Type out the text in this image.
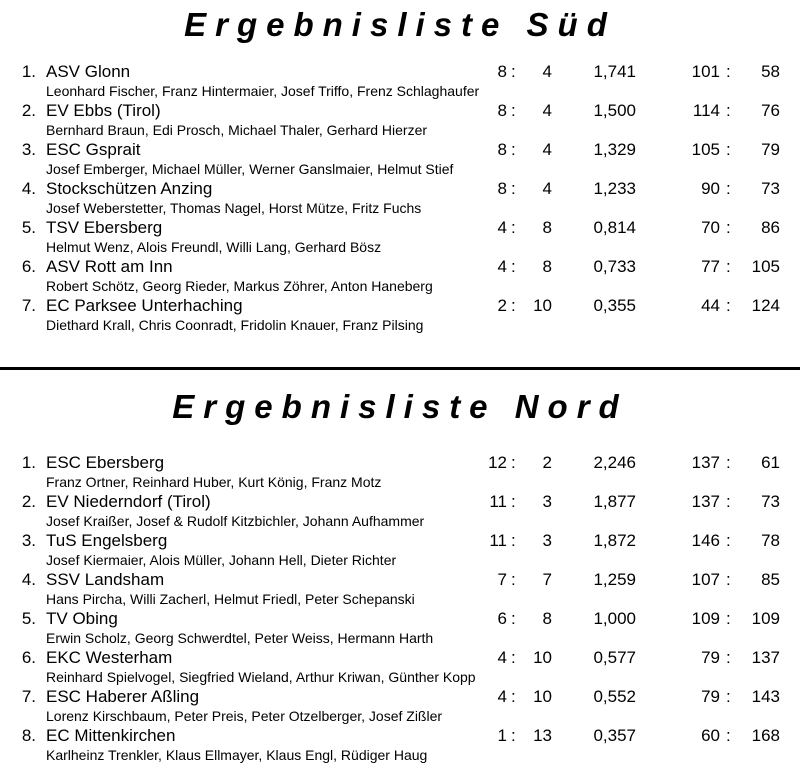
Ergebnisliste Süd
1. ASV Glonn
Leonhard Fischer, Franz Hintermaier, Josef Triffo, Frenz Schlaghaufer
8 :	4	1,741	101 :	58
2. EV Ebbs (Tirol)
Bernhard Braun, Edi Prosch, Michael Thaler, Gerhard Hierzer
8 :	4	1,500	114 :	76
3. ESC Gsprait
Josef Emberger, Michael Müller, Werner Ganslmaier, Helmut Stief
8 :	4	1,329	105 :	79
4. Stockschützen Anzing
Josef Weberstetter, Thomas Nagel, Horst Mütze, Fritz Fuchs
8 :	4	1,233	90 :	73
5. TSV Ebersberg
Helmut Wenz, Alois Freundl, Willi Lang, Gerhard Bösz
4 :	8	0,814	70 :	86
6. ASV Rott am Inn
Robert Schötz, Georg Rieder, Markus Zöhrer, Anton Haneberg
4 :	8	0,733	77 :	105
7. EC Parksee Unterhaching
Diethard Krall, Chris Coonradt, Fridolin Knauer, Franz Pilsing
2 :	10	0,355	44 :	124
Ergebnisliste Nord
1. ESC Ebersberg
Franz Ortner, Reinhard Huber, Kurt König, Franz Motz
12 :	2	2,246	137 :	61
2. EV Niederndorf (Tirol)
Josef Kraißer, Josef & Rudolf Kitzbichler, Johann Aufhammer
11 :	3	1,877	137 :	73
3. TuS Engelsberg
Josef Kiermaier, Alois Müller, Johann Hell, Dieter Richter
11 :	3	1,872	146 :	78
4. SSV Landsham
Hans Pircha, Willi Zacherl, Helmut Friedl, Peter Schepanski
7 :	7	1,259	107 :	85
5. TV Obing
Erwin Scholz, Georg Schwerdtel, Peter Weiss, Hermann Harth
6 :	8	1,000	109 :	109
6. EKC Westerham
Reinhard Spielvogel, Siegfried Wieland, Arthur Kriwan, Günther Kopp
4 :	10	0,577	79 :	137
7. ESC Haberer Aßling
Lorenz Kirschbaum, Peter Preis, Peter Otzelberger, Josef Zißler
4 :	10	0,552	79 :	143
8. EC Mittenkirchen
Karlheinz Trenkler, Klaus Ellmayer, Klaus Engl, Rüdiger Haug
1 :	13	0,357	60 :	168
